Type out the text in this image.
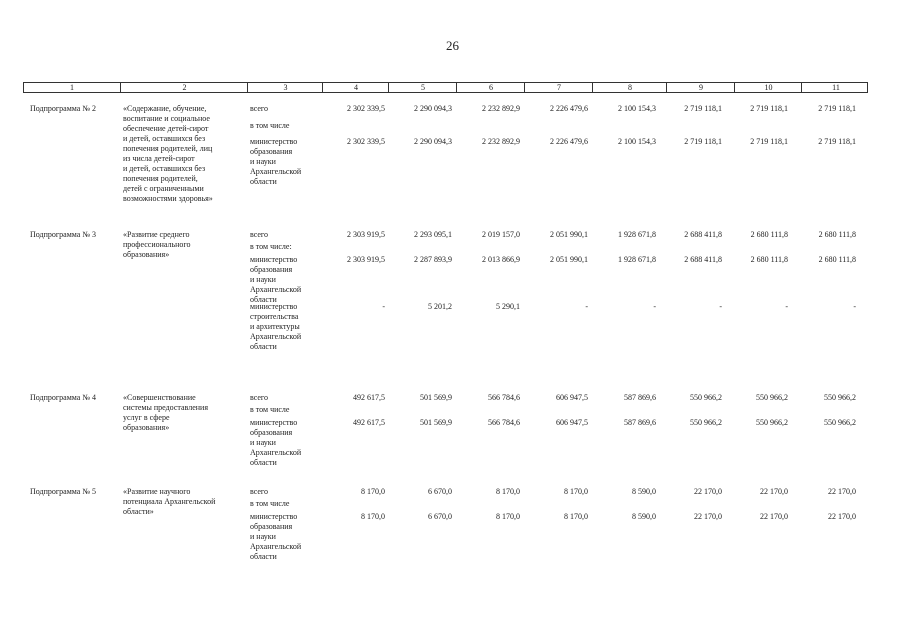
26
1	2	3	4	5	6	7	8	9	10	11
Подпрограмма № 2	«Содержание, обучение,
воспитание и социальное
обеспечение детей-сирот
и детей, оставшихся без
попечения родителей, лиц
из числа детей-сирот
и детей, оставшихся без
попечения родителей,
детей с ограниченными
возможностями здоровья»
всего	2 302 339,5	2 290 094,3	2 232 892,9	2 226 479,6	2 100 154,3	2 719 118,1	2 719 118,1	2 719 118,1
в том числе
министерство
образования
и науки
Архангельской
области
2 302 339,5	2 290 094,3	2 232 892,9	2 226 479,6	2 100 154,3	2 719 118,1	2 719 118,1	2 719 118,1
Подпрограмма № 3	«Развитие среднего
профессионального
образования»
всего	2 303 919,5	2 293 095,1	2 019 157,0	2 051 990,1	1 928 671,8	2 688 411,8	2 680 111,8	2 680 111,8
в том числе:
министерство
образования
и науки
Архангельской
области
2 303 919,5	2 287 893,9	2 013 866,9	2 051 990,1	1 928 671,8	2 688 411,8	2 680 111,8	2 680 111,8
министерство
строительства
и архитектуры
Архангельской
области
-	5 201,2	5 290,1	-	-	-	-	-
Подпрограмма № 4	«Совершенствование
системы предоставления
услуг в сфере
образования»
всего	492 617,5	501 569,9	566 784,6	606 947,5	587 869,6	550 966,2	550 966,2	550 966,2
в том числе
министерство
образования
и науки
Архангельской
области
492 617,5	501 569,9	566 784,6	606 947,5	587 869,6	550 966,2	550 966,2	550 966,2
Подпрограмма № 5	«Развитие научного
потенциала Архангельской
области»
всего	8 170,0	6 670,0	8 170,0	8 170,0	8 590,0	22 170,0	22 170,0	22 170,0
в том числе
министерство
образования
и науки
Архангельской
области
8 170,0	6 670,0	8 170,0	8 170,0	8 590,0	22 170,0	22 170,0	22 170,0
